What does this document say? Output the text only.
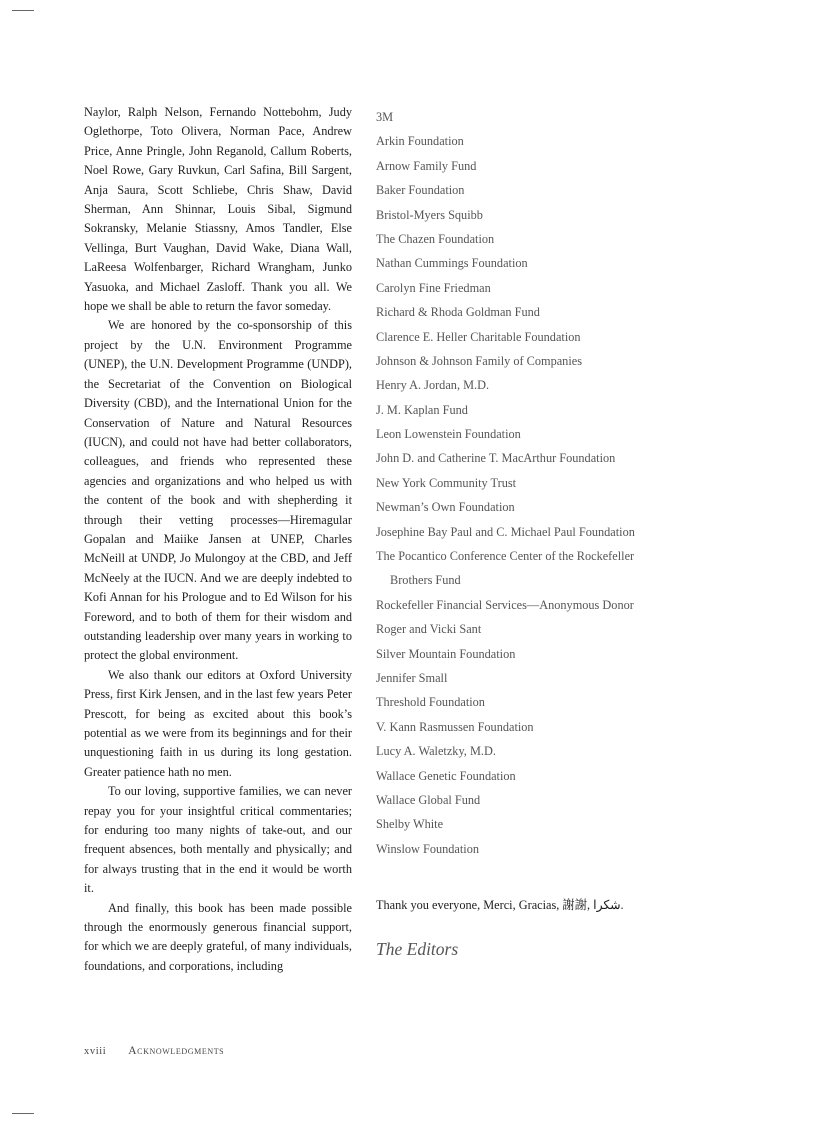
Naylor, Ralph Nelson, Fernando Nottebohm, Judy Oglethorpe, Toto Olivera, Norman Pace, Andrew Price, Anne Pringle, John Reganold, Callum Roberts, Noel Rowe, Gary Ruvkun, Carl Safina, Bill Sargent, Anja Saura, Scott Schliebe, Chris Shaw, David Sherman, Ann Shinnar, Louis Sibal, Sigmund Sokransky, Melanie Stiassny, Amos Tandler, Else Vellinga, Burt Vaughan, David Wake, Diana Wall, LaReesa Wolfenbarger, Richard Wrangham, Junko Yasuoka, and Michael Zasloff. Thank you all. We hope we shall be able to return the favor someday.

We are honored by the co-sponsorship of this project by the U.N. Environment Programme (UNEP), the U.N. Development Programme (UNDP), the Secretariat of the Convention on Biological Diversity (CBD), and the International Union for the Conservation of Nature and Natural Resources (IUCN), and could not have had better collaborators, colleagues, and friends who represented these agencies and organizations and who helped us with the content of the book and with shepherding it through their vetting processes—Hiremagular Gopalan and Maiike Jansen at UNEP, Charles McNeill at UNDP, Jo Mulongoy at the CBD, and Jeff McNeely at the IUCN. And we are deeply indebted to Kofi Annan for his Prologue and to Ed Wilson for his Foreword, and to both of them for their wisdom and outstanding leadership over many years in working to protect the global environment.

We also thank our editors at Oxford University Press, first Kirk Jensen, and in the last few years Peter Prescott, for being as excited about this book’s potential as we were from its beginnings and for their unquestioning faith in us during its long gestation. Greater patience hath no men.

To our loving, supportive families, we can never repay you for your insightful critical commentaries; for enduring too many nights of take-out, and our frequent absences, both mentally and physically; and for always trusting that in the end it would be worth it.

And finally, this book has been made possible through the enormously generous financial support, for which we are deeply grateful, of many individuals, foundations, and corporations, including

3M
Arkin Foundation
Arnow Family Fund
Baker Foundation
Bristol-Myers Squibb
The Chazen Foundation
Nathan Cummings Foundation
Carolyn Fine Friedman
Richard & Rhoda Goldman Fund
Clarence E. Heller Charitable Foundation
Johnson & Johnson Family of Companies
Henry A. Jordan, M.D.
J. M. Kaplan Fund
Leon Lowenstein Foundation
John D. and Catherine T. MacArthur Foundation
New York Community Trust
Newman’s Own Foundation
Josephine Bay Paul and C. Michael Paul Foundation
The Pocantico Conference Center of the Rockefeller Brothers Fund
Rockefeller Financial Services—Anonymous Donor
Roger and Vicki Sant
Silver Mountain Foundation
Jennifer Small
Threshold Foundation
V. Kann Rasmussen Foundation
Lucy A. Waletzky, M.D.
Wallace Genetic Foundation
Wallace Global Fund
Shelby White
Winslow Foundation
Thank you everyone, Merci, Gracias, 謝謝, شكرا.
The Editors
xviii Acknowledgments
